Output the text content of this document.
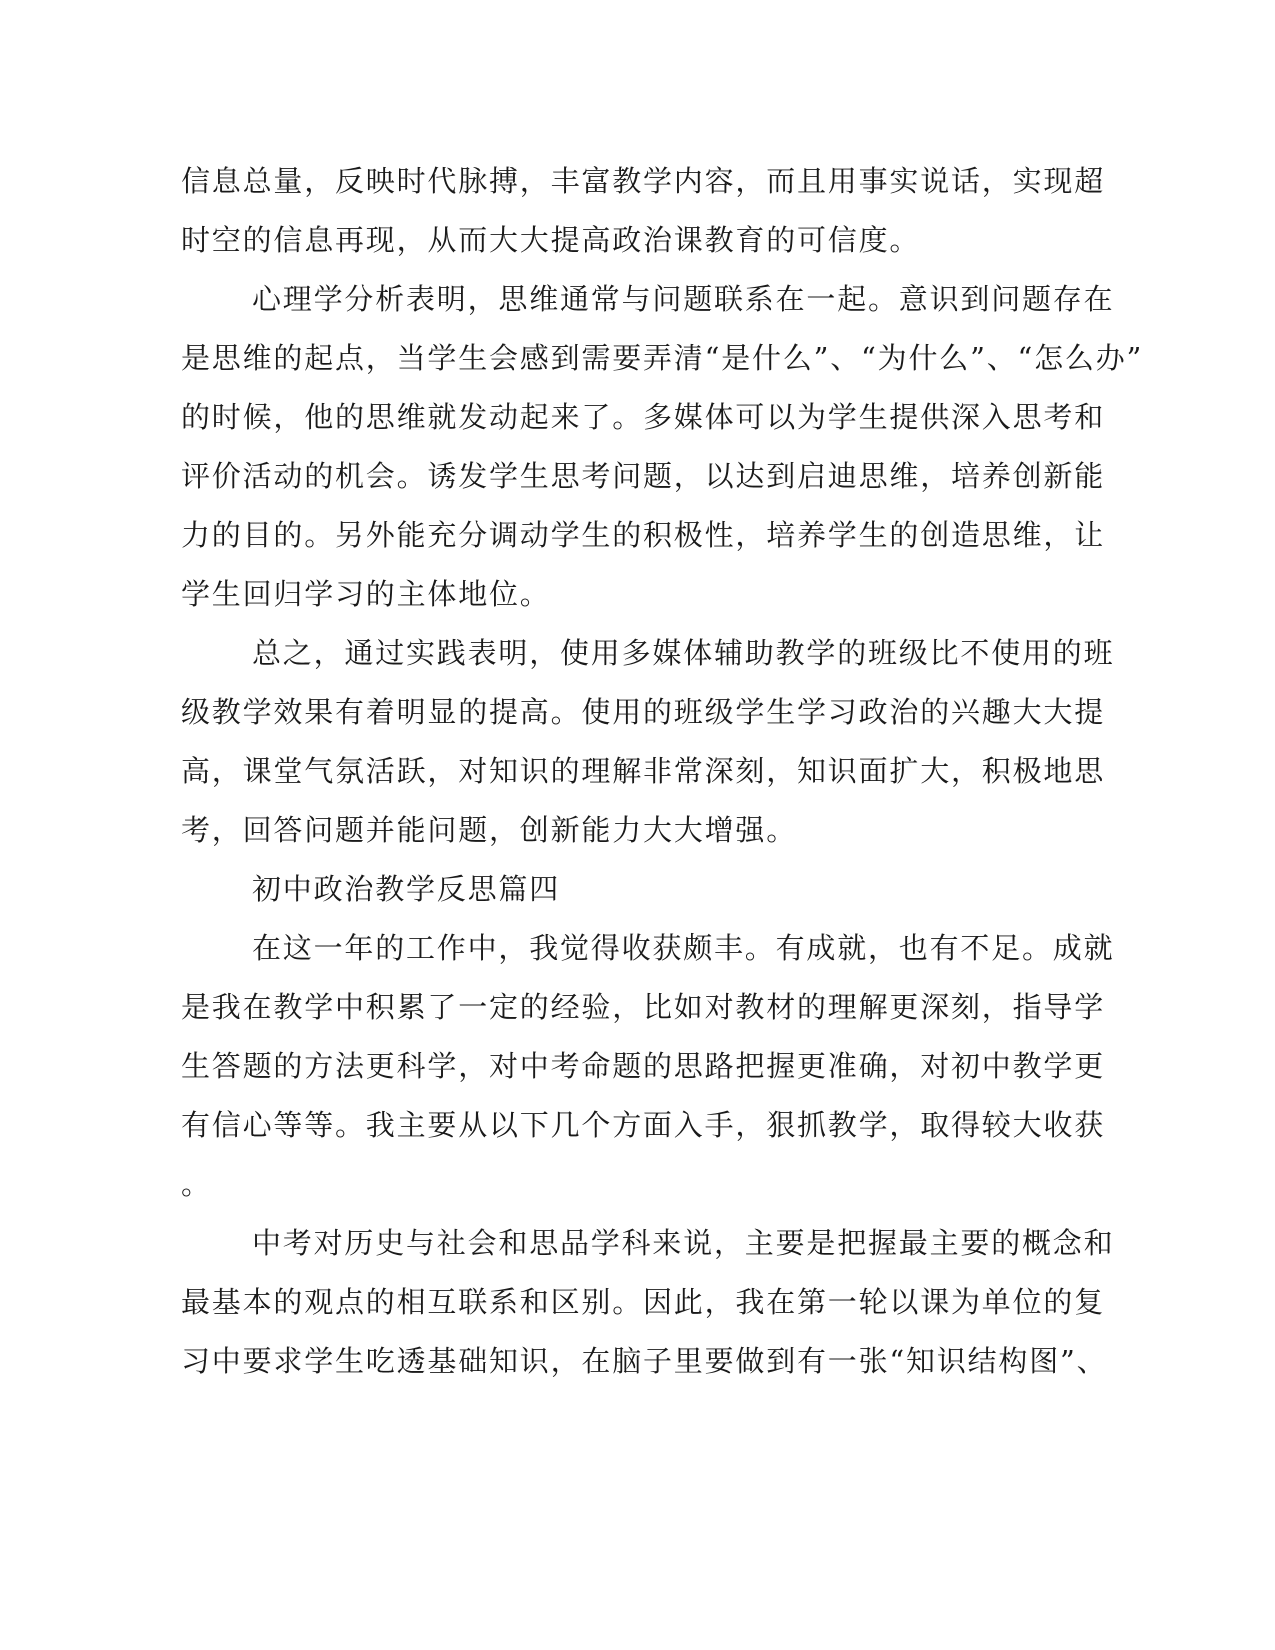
信息总量，反映时代脉搏，丰富教学内容，而且用事实说话，实现超
时空的信息再现，从而大大提高政治课教育的可信度。
心理学分析表明，思维通常与问题联系在一起。意识到问题存在
是思维的起点，当学生会感到需要弄清“是什么”、“为什么”、“怎么办”
的时候，他的思维就发动起来了。多媒体可以为学生提供深入思考和
评价活动的机会。诱发学生思考问题，以达到启迪思维，培养创新能
力的目的。另外能充分调动学生的积极性，培养学生的创造思维，让
学生回归学习的主体地位。
总之，通过实践表明，使用多媒体辅助教学的班级比不使用的班
级教学效果有着明显的提高。使用的班级学生学习政治的兴趣大大提
高，课堂气氛活跃，对知识的理解非常深刻，知识面扩大，积极地思
考，回答问题并能问题，创新能力大大增强。
初中政治教学反思篇四
在这一年的工作中，我觉得收获颇丰。有成就，也有不足。成就
是我在教学中积累了一定的经验，比如对教材的理解更深刻，指导学
生答题的方法更科学，对中考命题的思路把握更准确，对初中教学更
有信心等等。我主要从以下几个方面入手，狠抓教学，取得较大收获
。
中考对历史与社会和思品学科来说，主要是把握最主要的概念和
最基本的观点的相互联系和区别。因此，我在第一轮以课为单位的复
习中要求学生吃透基础知识，在脑子里要做到有一张“知识结构图”、
